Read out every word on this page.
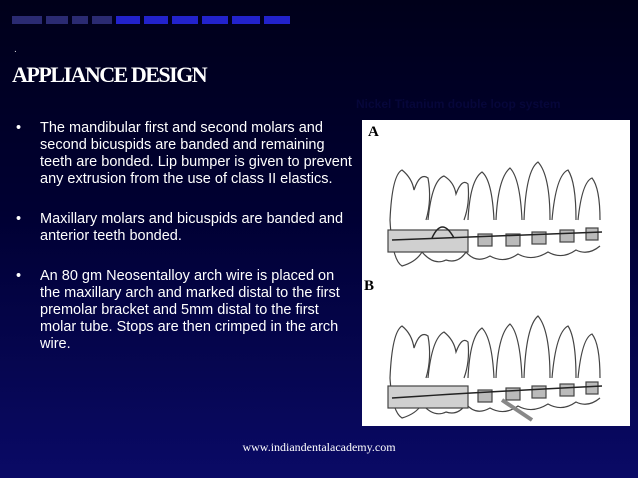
.
APPLIANCE DESIGN
Nickel Titanium double loop system
• The mandibular first and second molars and second bicuspids are banded and remaining teeth are bonded. Lip bumper is given to prevent any extrusion from the use of class II elastics.
• Maxillary molars and bicuspids are banded and anterior teeth bonded.
• An 80 gm Neosentalloy arch wire is placed on the maxillary arch and marked distal to the first premolar bracket and 5mm distal to the first molar tube. Stops are then crimped in the arch wire.
A
B
www.indiandentalacademy.com
